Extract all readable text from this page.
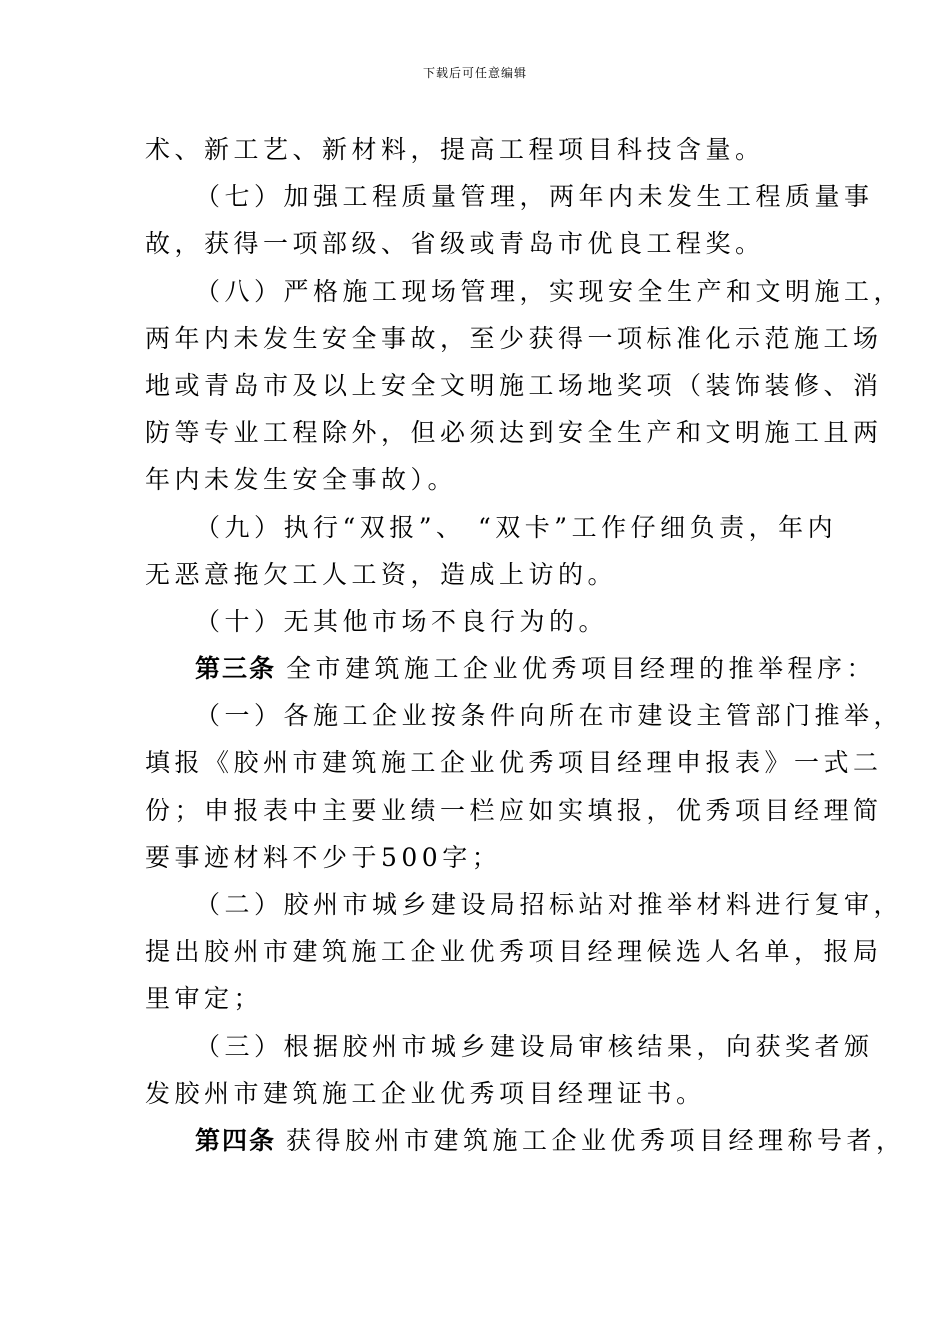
下载后可任意编辑
术、新工艺、新材料，提高工程项目科技含量。
（七）加强工程质量管理，两年内未发生工程质量事
故，获得一项部级、省级或青岛市优良工程奖。
（八）严格施工现场管理，实现安全生产和文明施工，
两年内未发生安全事故，至少获得一项标准化示范施工场
地或青岛市及以上安全文明施工场地奖项（装饰装修、消
防等专业工程除外，但必须达到安全生产和文明施工且两
年内未发生安全事故）。
（九）执行“双报”、 “双卡”工作仔细负责，年内
无恶意拖欠工人工资，造成上访的。
（十）无其他市场不良行为的。
第三条 全市建筑施工企业优秀项目经理的推举程序：
（一）各施工企业按条件向所在市建设主管部门推举，
填报《胶州市建筑施工企业优秀项目经理申报表》一式二
份；申报表中主要业绩一栏应如实填报，优秀项目经理简
要事迹材料不少于500字；
（二）胶州市城乡建设局招标站对推举材料进行复审，
提出胶州市建筑施工企业优秀项目经理候选人名单，报局
里审定；
（三）根据胶州市城乡建设局审核结果，向获奖者颁
发胶州市建筑施工企业优秀项目经理证书。
第四条 获得胶州市建筑施工企业优秀项目经理称号者，
